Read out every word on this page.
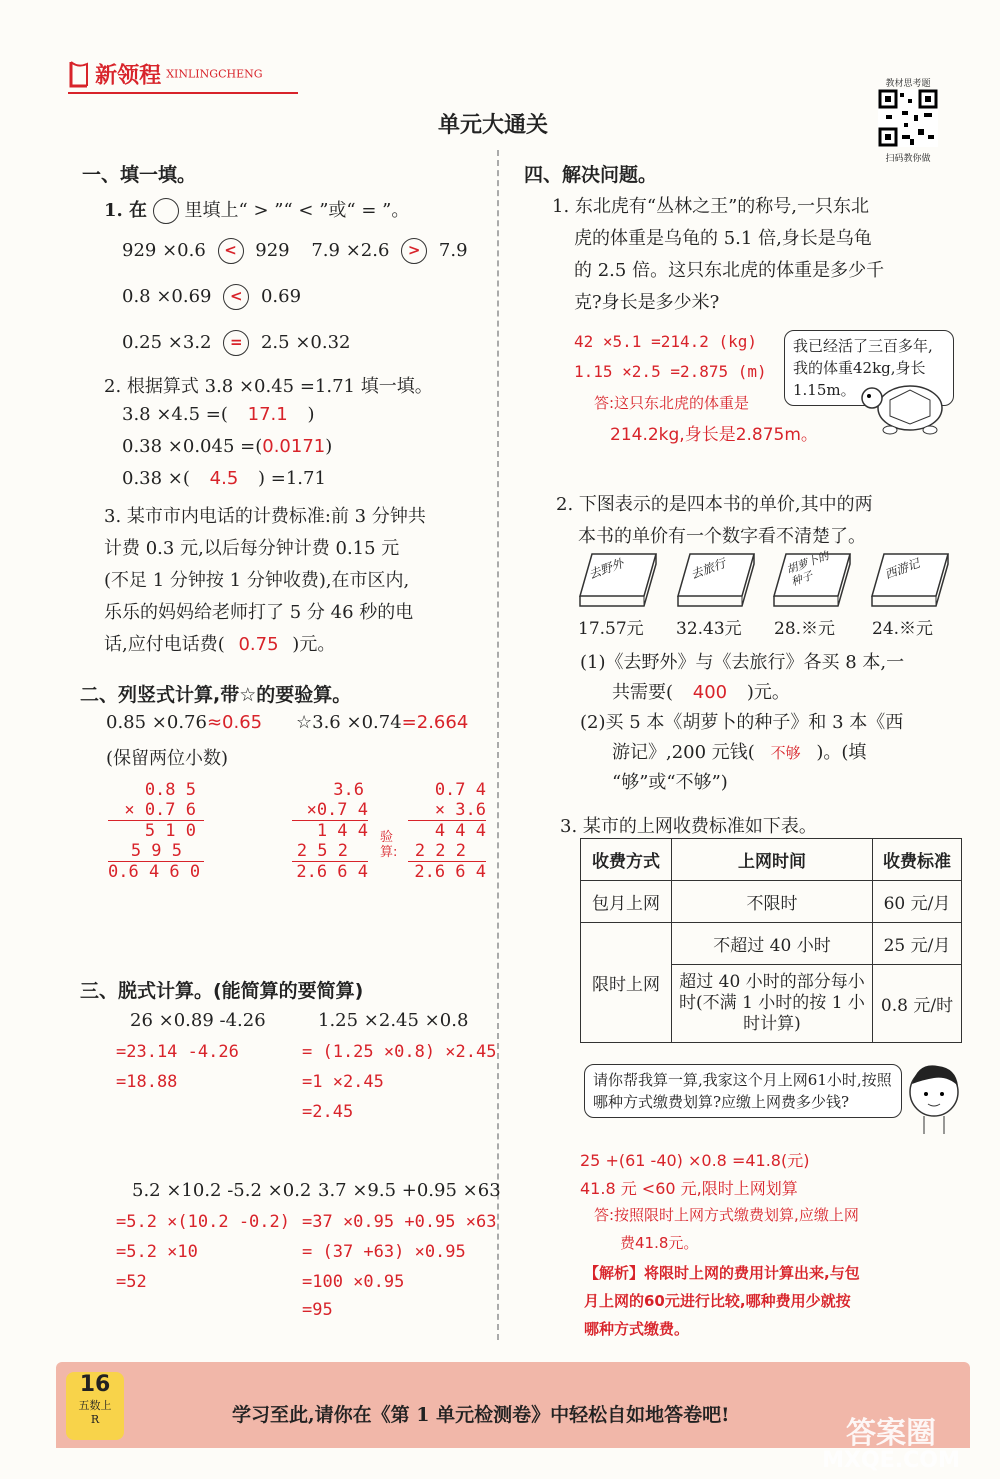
新领程 XINLINGCHENG
单元大通关
教材思考题
扫码教你做
一、填一填。
1. 在 里填上“ > ”“ < ”或“ = ”。
929 ×0.6 < 929 7.9 ×2.6 > 7.9
0.8 ×0.69 < 0.69
0.25 ×3.2 = 2.5 ×0.32
2. 根据算式 3.8 ×0.45 =1.71 填一填。
3.8 ×4.5 =( 17.1 )
0.38 ×0.045 =(0.0171)
0.38 ×( 4.5 ) =1.71
3. 某市市内电话的计费标准:前 3 分钟共
计费 0.3 元,以后每分钟计费 0.15 元
(不足 1 分钟按 1 分钟收费),在市区内,
乐乐的妈妈给老师打了 5 分 46 秒的电
话,应付电话费( 0.75 )元。
二、列竖式计算,带☆的要验算。
0.85 ×0.76≈0.65 ☆3.6 ×0.74=2.664
(保留两位小数)
0.8 5
× 0.7 6
5 1 0
5 9 5
0.6 4 6 0
3.6
×0.7 4
1 4 4
2 5 2
2.6 6 4
验算:
0.7 4
× 3.6
4 4 4
2 2 2
2.6 6 4
三、脱式计算。(能简算的要简算)
26 ×0.89 -4.26
=23.14 -4.26
=18.88
1.25 ×2.45 ×0.8
= (1.25 ×0.8) ×2.45
=1 ×2.45
=2.45
5.2 ×10.2 -5.2 ×0.2
=5.2 ×(10.2 -0.2)
=5.2 ×10
=52
3.7 ×9.5 +0.95 ×63
=37 ×0.95 +0.95 ×63
= (37 +63) ×0.95
=100 ×0.95
=95
四、解决问题。
1. 东北虎有“丛林之王”的称号,一只东北
虎的体重是乌龟的 5.1 倍,身长是乌龟
的 2.5 倍。这只东北虎的体重是多少千
克?身长是多少米?
我已经活了三百多年,我的体重42kg,身长1.15m。
42 ×5.1 =214.2 (kg)
1.15 ×2.5 =2.875 (m)
答:这只东北虎的体重是
214.2kg,身长是2.875m。
2. 下图表示的是四本书的单价,其中的两
本书的单价有一个数字看不清楚了。
去野外	去旅行	胡萝卜的种子	西游记
17.57元 32.43元 28.※元 24.※元
(1)《去野外》与《去旅行》各买 8 本,一
共需要( 400 )元。
(2)买 5 本《胡萝卜的种子》和 3 本《西
游记》,200 元钱( 不够 )。(填
“够”或“不够”)
3. 某市的上网收费标准如下表。
收费方式	上网时间	收费标准
包月上网	不限时	60 元/月
限时上网	不超过 40 小时	25 元/月
	超过 40 小时的部分每小时(不满 1 小时的按 1 小时计算)	0.8 元/时
请你帮我算一算,我家这个月上网61小时,按照哪种方式缴费划算?应缴上网费多少钱?
25 +(61 -40) ×0.8 =41.8(元)
41.8 元 <60 元,限时上网划算
答:按照限时上网方式缴费划算,应缴上网
费41.8元。
【解析】将限时上网的费用计算出来,与包
月上网的60元进行比较,哪种费用少就按
哪种方式缴费。
16
五数上
R	学习至此,请你在《第 1 单元检测卷》中轻松自如地答卷吧!
答案圈
MXQE.COM
